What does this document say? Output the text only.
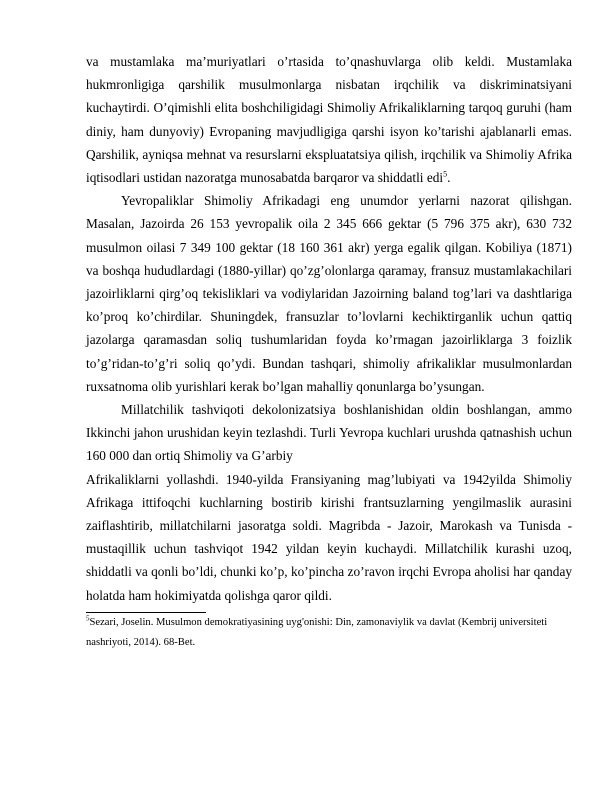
va mustamlaka ma’muriyatlari o’rtasida to’qnashuvlarga olib keldi. Mustamlaka hukmronligiga qarshilik musulmonlarga nisbatan irqchilik va diskriminatsiyani kuchaytirdi. O’qimishli elita boshchiligidagi Shimoliy Afrikaliklarning tarqoq guruhi (ham diniy, ham dunyoviy) Evropaning mavjudligiga qarshi isyon ko’tarishi ajablanarli emas. Qarshilik, ayniqsa mehnat va resurslarni ekspluatatsiya qilish, irqchilik va Shimoliy Afrika iqtisodlari ustidan nazoratga munosabatda barqaror va shiddatli edi$^5$.

Yevropaliklar Shimoliy Afrikadagi eng unumdor yerlarni nazorat qilishgan. Masalan, Jazoirda 26 153 yevropalik oila 2 345 666 gektar (5 796 375 akr), 630 732 musulmon oilasi 7 349 100 gektar (18 160 361 akr) yerga egalik qilgan. Kobiliya (1871) va boshqa hududlardagi (1880-yillar) qo’zg’olonlarga qaramay, fransuz mustamlakachilari jazoirliklarni qirg’oq tekisliklari va vodiylaridan Jazoirning baland tog’lari va dashtlariga ko’proq ko’chirdilar. Shuningdek, fransuzlar to’lovlarni kechiktirganlik uchun qattiq jazolarga qaramasdan soliq tushumlaridan foyda ko’rmagan jazoirliklarga 3 foizlik to’g’ridan-to’g’ri soliq qo’ydi. Bundan tashqari, shimoliy afrikaliklar musulmonlardan ruxsatnoma olib yurishlari kerak bo’lgan mahalliy qonunlarga bo’ysungan.

Millatchilik tashviqoti dekolonizatsiya boshlanishidan oldin boshlangan, ammo Ikkinchi jahon urushidan keyin tezlashdi. Turli Yevropa kuchlari urushda qatnashish uchun 160 000 dan ortiq Shimoliy va G’arbiy

Afrikaliklarni yollashdi. 1940-yilda Fransiyaning mag’lubiyati va 1942yilda Shimoliy Afrikaga ittifoqchi kuchlarning bostirib kirishi frantsuzlarning yengilmaslik aurasini zaiflashtirib, millatchilarni jasoratga soldi. Magribda - Jazoir, Marokash va Tunisda - mustaqillik uchun tashviqot 1942 yildan keyin kuchaydi. Millatchilik kurashi uzoq, shiddatli va qonli bo’ldi, chunki ko’p, ko’pincha zo’ravon irqchi Evropa aholisi har qanday holatda ham hokimiyatda qolishga qaror qildi.

$^5$Sezari, Joselin. Musulmon demokratiyasining uyg'onishi: Din, zamonaviylik va davlat (Kembrij universiteti nashriyoti, 2014). 68-Bet.
